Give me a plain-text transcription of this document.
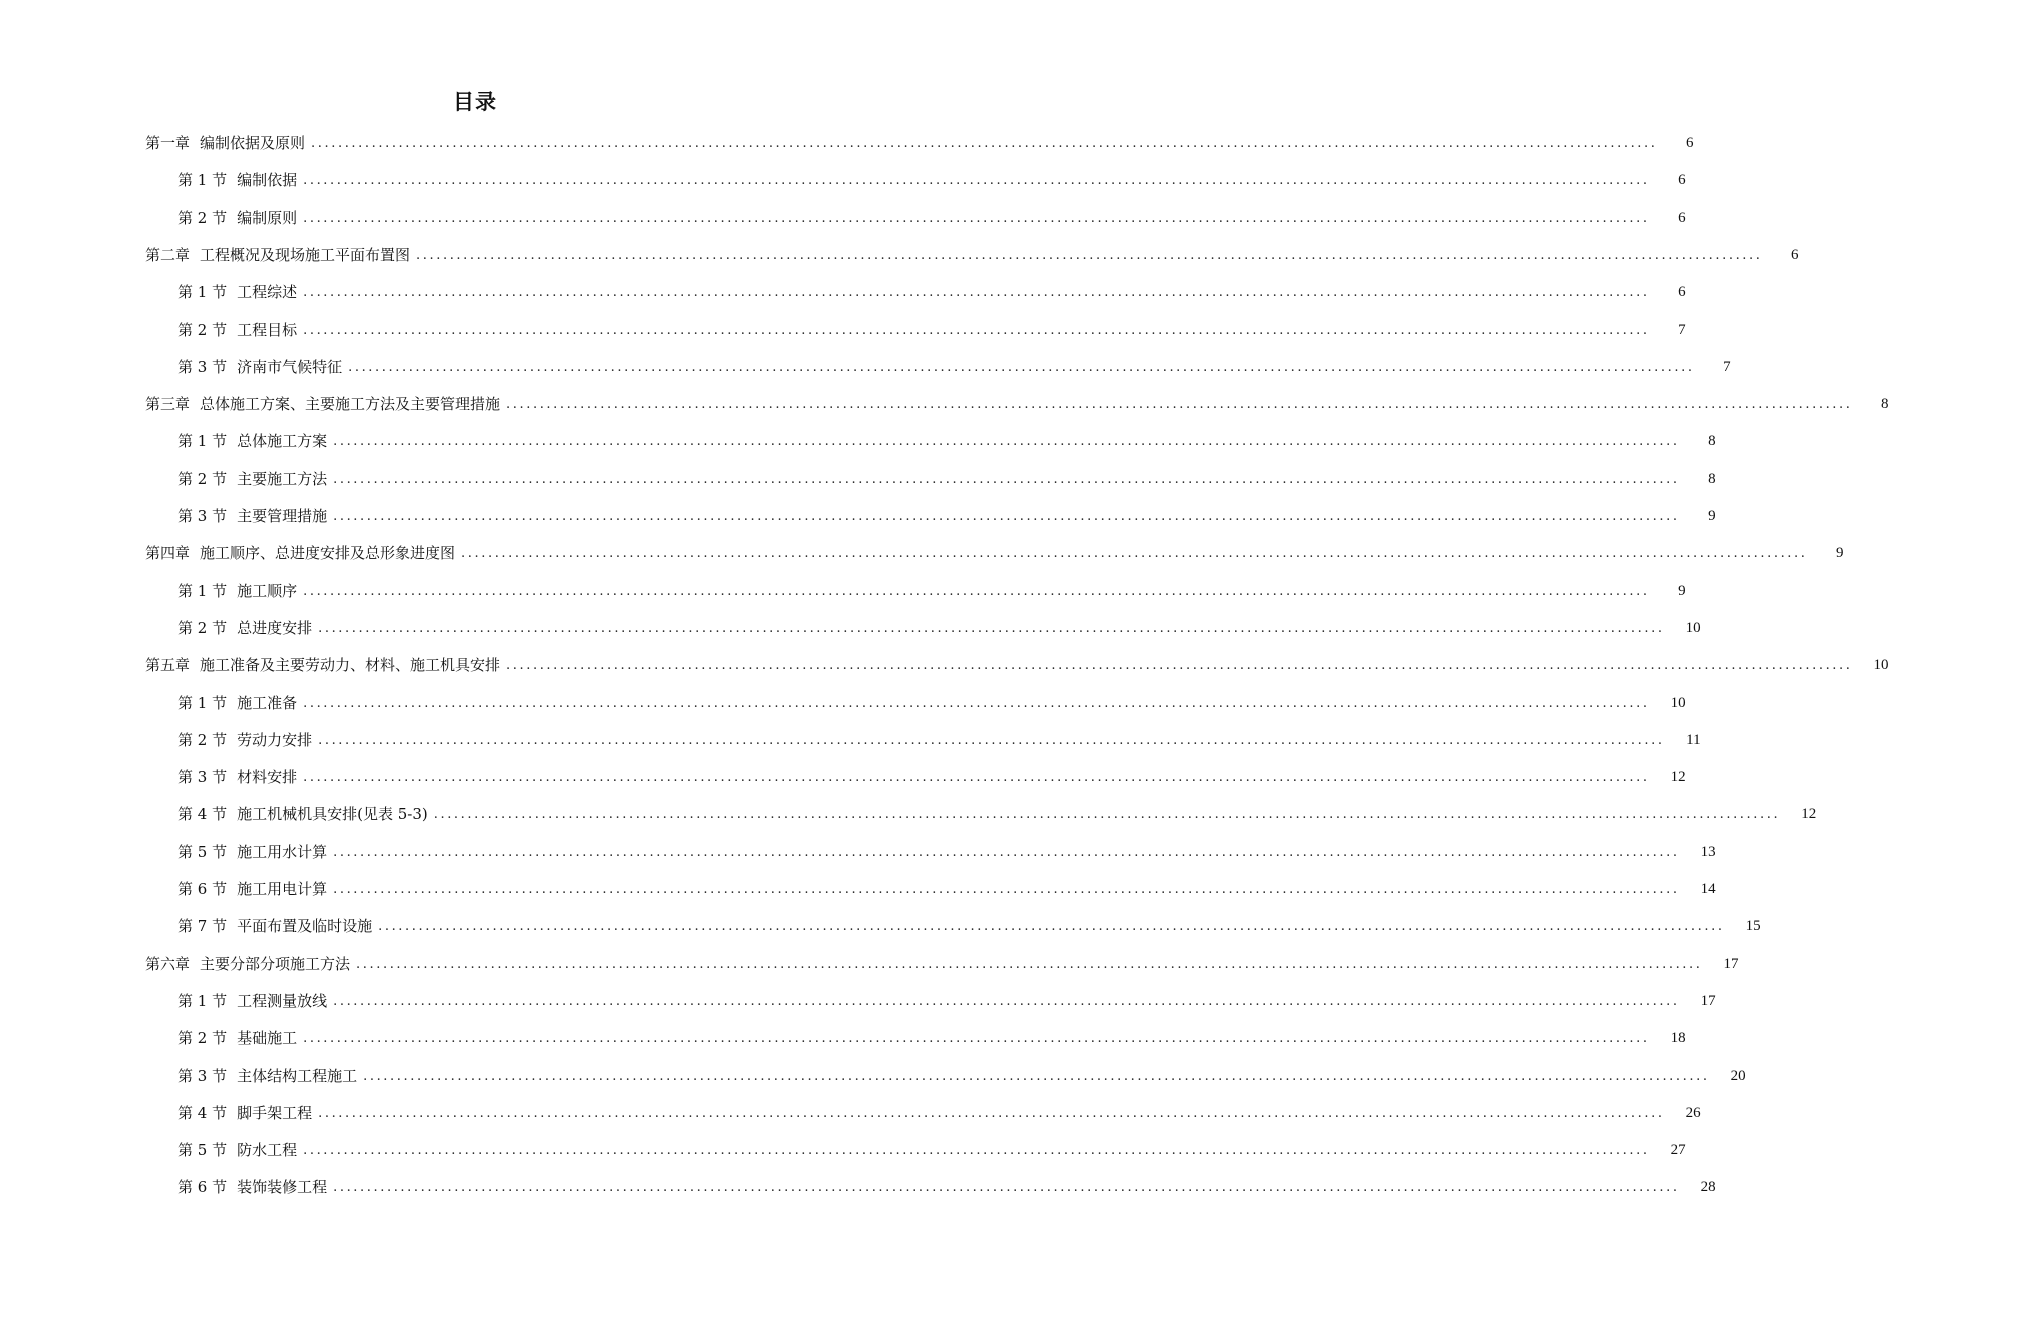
目录
第一章 编制依据及原则 ........................................................................................................................................................................................................	6
第 1 节 编制依据 ........................................................................................................................................................................................................	6
第 2 节 编制原则 ........................................................................................................................................................................................................	6
第二章 工程概况及现场施工平面布置图 ........................................................................................................................................................................................................	6
第 1 节 工程综述 ........................................................................................................................................................................................................	6
第 2 节 工程目标 ........................................................................................................................................................................................................	7
第 3 节 济南市气候特征 ........................................................................................................................................................................................................	7
第三章 总体施工方案、主要施工方法及主要管理措施 ........................................................................................................................................................................................................	8
第 1 节 总体施工方案 ........................................................................................................................................................................................................	8
第 2 节 主要施工方法 ........................................................................................................................................................................................................	8
第 3 节 主要管理措施 ........................................................................................................................................................................................................	9
第四章 施工顺序、总进度安排及总形象进度图 ........................................................................................................................................................................................................	9
第 1 节 施工顺序 ........................................................................................................................................................................................................	9
第 2 节 总进度安排 ........................................................................................................................................................................................................	10
第五章 施工准备及主要劳动力、材料、施工机具安排 ........................................................................................................................................................................................................	10
第 1 节 施工准备 ........................................................................................................................................................................................................	10
第 2 节 劳动力安排 ........................................................................................................................................................................................................	11
第 3 节 材料安排 ........................................................................................................................................................................................................	12
第 4 节 施工机械机具安排(见表 5-3) ........................................................................................................................................................................................................	12
第 5 节 施工用水计算 ........................................................................................................................................................................................................	13
第 6 节 施工用电计算 ........................................................................................................................................................................................................	14
第 7 节 平面布置及临时设施 ........................................................................................................................................................................................................	15
第六章 主要分部分项施工方法 ........................................................................................................................................................................................................	17
第 1 节 工程测量放线 ........................................................................................................................................................................................................	17
第 2 节 基础施工 ........................................................................................................................................................................................................	18
第 3 节 主体结构工程施工 ........................................................................................................................................................................................................	20
第 4 节 脚手架工程 ........................................................................................................................................................................................................	26
第 5 节 防水工程 ........................................................................................................................................................................................................	27
第 6 节 装饰装修工程 ........................................................................................................................................................................................................	28
